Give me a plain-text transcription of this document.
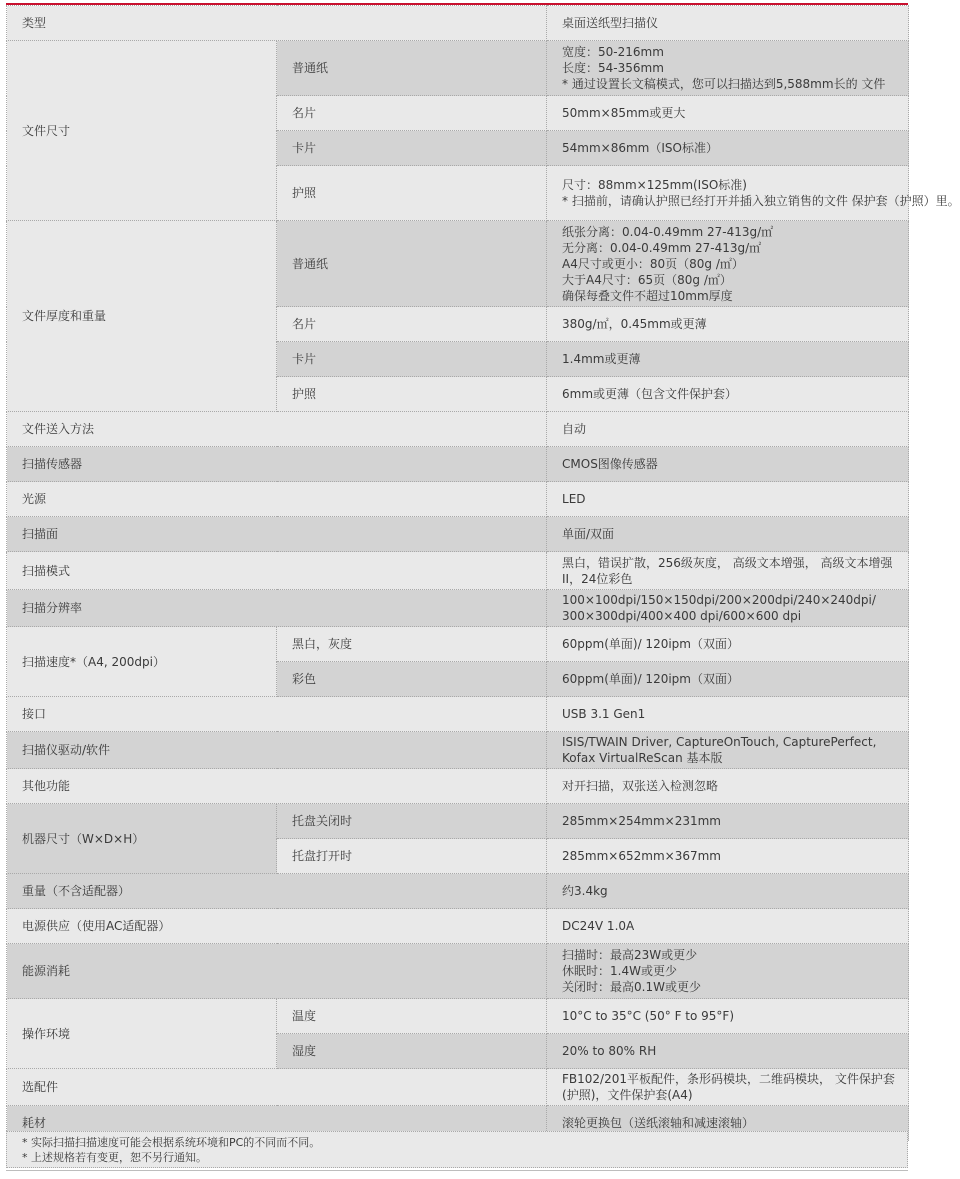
类型		桌面送纸型扫描仪
文件尺寸	普通纸	宽度：50-216mm
长度：54-356mm
* 通过设置长文稿模式，您可以扫描达到5,588mm长的 文件

	名片	50mm×85mm或更大
	卡片	54mm×86mm（ISO标准）
	护照	尺寸：88mm×125mm(ISO标准)
* 扫描前，请确认护照已经打开并插入独立销售的文件 保护套（护照）里。

文件厚度和重量	普通纸	纸张分离：0.04-0.49mm 27-413g/㎡
无分离：0.04-0.49mm 27-413g/㎡
A4尺寸或更小：80页（80g /㎡）
大于A4尺寸：65页（80g /㎡）
确保每叠文件不超过10mm厚度

	名片	380g/㎡，0.45mm或更薄
	卡片	1.4mm或更薄
	护照	6mm或更薄（包含文件保护套）
文件送入方法		自动
扫描传感器		CMOS图像传感器
光源		LED
扫描面		单面/双面
扫描模式		黑白，错误扩散，256级灰度， 高级文本增强， 高级文本增强 II，24位彩色
扫描分辨率		100×100dpi/150×150dpi/200×200dpi/240×240dpi/ 300×300dpi/400×400 dpi/600×600 dpi
扫描速度*（A4, 200dpi）	黑白，灰度	60ppm(单面)/ 120ipm（双面）
	彩色	60ppm(单面)/ 120ipm（双面）
接口		USB 3.1 Gen1
扫描仪驱动/软件		ISIS/TWAIN Driver, CaptureOnTouch, CapturePerfect, Kofax VirtualReScan 基本版
其他功能		对开扫描，双张送入检测忽略
机器尺寸（W×D×H）	托盘关闭时	285mm×254mm×231mm
	托盘打开时	285mm×652mm×367mm
重量（不含适配器）		约3.4kg
电源供应（使用AC适配器）		DC24V 1.0A
能源消耗		扫描时：最高23W或更少
休眠时：1.4W或更少
关闭时：最高0.1W或更少

操作环境	温度	10°C to 35°C (50° F to 95°F)
	湿度	20% to 80% RH
选配件		FB102/201平板配件，条形码模块，二维码模块， 文件保护套(护照)，文件保护套(A4)
耗材		滚轮更换包（送纸滚轴和减速滚轴）
* 实际扫描扫描速度可能会根据系统环境和PC的不同而不同。
* 上述规格若有变更，恕不另行通知。
